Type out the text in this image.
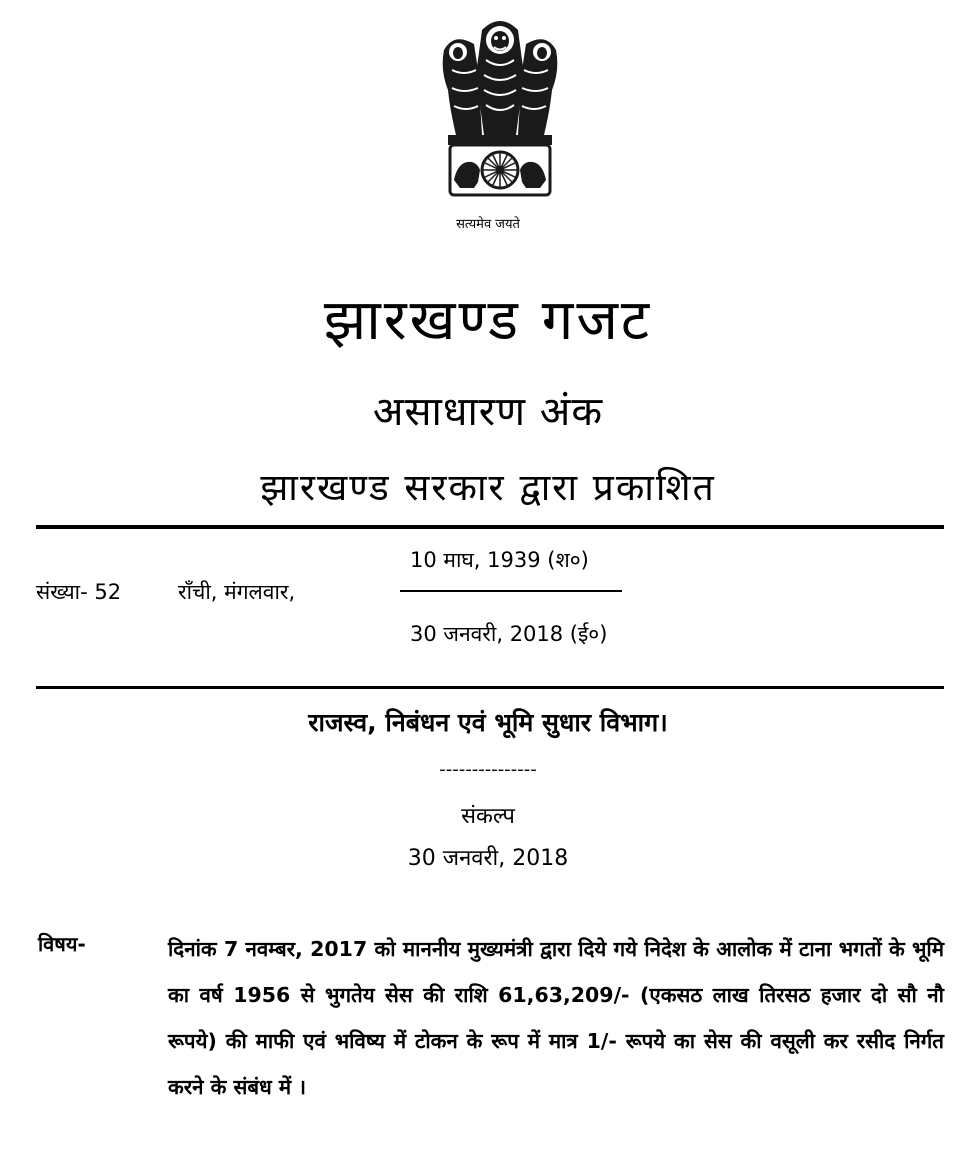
सत्यमेव जयते
झारखण्ड गजट
असाधारण अंक
झारखण्ड सरकार द्वारा प्रकाशित
संख्या- 52	राँची, मंगलवार,
10 माघ, 1939 (श०)
30 जनवरी, 2018 (ई०)
राजस्व, निबंधन एवं भूमि सुधार विभाग।
---------------
संकल्प
30 जनवरी, 2018
विषय-	दिनांक 7 नवम्बर, 2017 को माननीय मुख्यमंत्री द्वारा दिये गये निदेश के आलोक में टाना भगतों के भूमि का वर्ष 1956 से भुगतेय सेस की राशि 61,63,209/- (एकसठ लाख तिरसठ हजार दो सौ नौ रूपये) की माफी एवं भविष्य में टोकन के रूप में मात्र 1/- रूपये का सेस की वसूली कर रसीद निर्गत करने के संबंध में ।
